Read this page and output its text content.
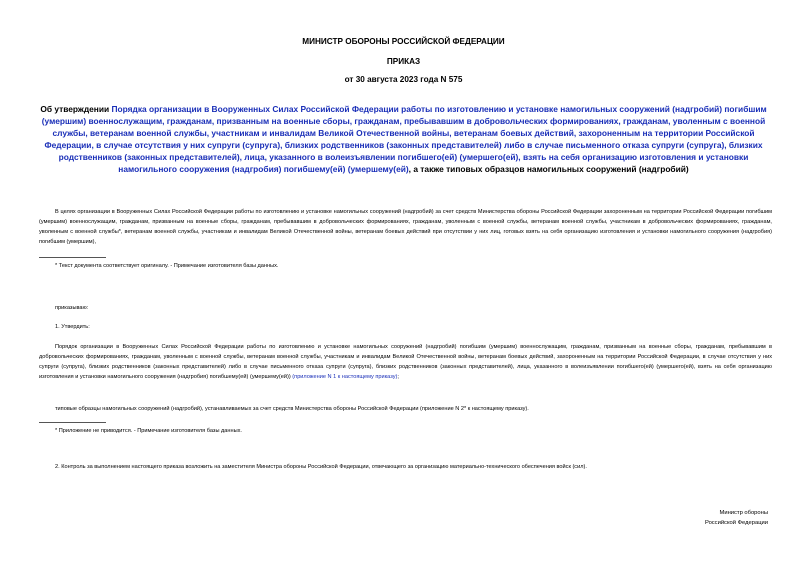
МИНИСТР ОБОРОНЫ РОССИЙСКОЙ ФЕДЕРАЦИИ
ПРИКАЗ
от 30 августа 2023 года N 575
Об утверждении Порядка организации в Вооруженных Силах Российской Федерации работы по изготовлению и установке намогильных сооружений (надгробий) погибшим (умершим) военнослужащим, гражданам, призванным на военные сборы, гражданам, пребывавшим в добровольческих формированиях, гражданам, уволенным с военной службы, ветеранам военной службы, участникам и инвалидам Великой Отечественной войны, ветеранам боевых действий, захороненным на территории Российской Федерации, в случае отсутствия у них супруги (супруга), близких родственников (законных представителей) либо в случае письменного отказа супруги (супруга), близких родственников (законных представителей), лица, указанного в волеизъявлении погибшего(ей) (умершего(ей), взять на себя организацию изготовления и установки намогильного сооружения (надгробия) погибшему(ей) (умершему(ей), а также типовых образцов намогильных сооружений (надгробий)
В целях организации в Вооруженных Силах Российской Федерации работы по изготовлению и установке намогильных сооружений (надгробий) за счет средств Министерства обороны Российской Федерации захороненным на территории Российской Федерации погибшим (умершим) военнослужащим, гражданам, призванным на военные сборы, гражданам, пребывавшим в добровольческих формированиях, гражданам, уволенным с военной службы, ветеранам военной службы, участникам в добровольческих формированиях, гражданам, уволенным с военной службы*, ветеранам военной службы, участникам и инвалидам Великой Отечественной войны, ветеранам боевых действий при отсутствии у них лиц, готовых взять на себя организацию изготовления и установки намогильного сооружения (надгробия) погибшим (умершим),
* Текст документа соответствует оригиналу. - Примечание изготовителя базы данных.
приказываю:
1. Утвердить:
Порядок организации в Вооруженных Силах Российской Федерации работы по изготовлению и установке намогильных сооружений (надгробий) погибшим (умершим) военнослужащим, гражданам, призванным на военные сборы, гражданам, пребывавшим в добровольческих формированиях, гражданам, уволенным с военной службы, ветеранам военной службы, участникам и инвалидам Великой Отечественной войны, ветеранам боевых действий, захороненным на территории Российской Федерации, в случае отсутствия у них супруги (супруга), близких родственников (законных представителей) либо в случае письменного отказа супруги (супруга), близких родственников (законных представителей), лица, указанного в волеизъявлении погибшего(ей) (умершего(ей), взять на себя организацию изготовления и установки намогильного сооружения (надгробия) погибшему(ей) (умершему(ей)) (приложение N 1 к настоящему приказу);
типовые образцы намогильных сооружений (надгробий), устанавливаемых за счет средств Министерства обороны Российской Федерации (приложение N 2* к настоящему приказу).
* Приложение не приводится. - Примечание изготовителя базы данных.
2. Контроль за выполнением настоящего приказа возложить на заместителя Министра обороны Российской Федерации, отвечающего за организацию материально-технического обеспечения войск (сил).
Министр обороны
Российской Федерации
